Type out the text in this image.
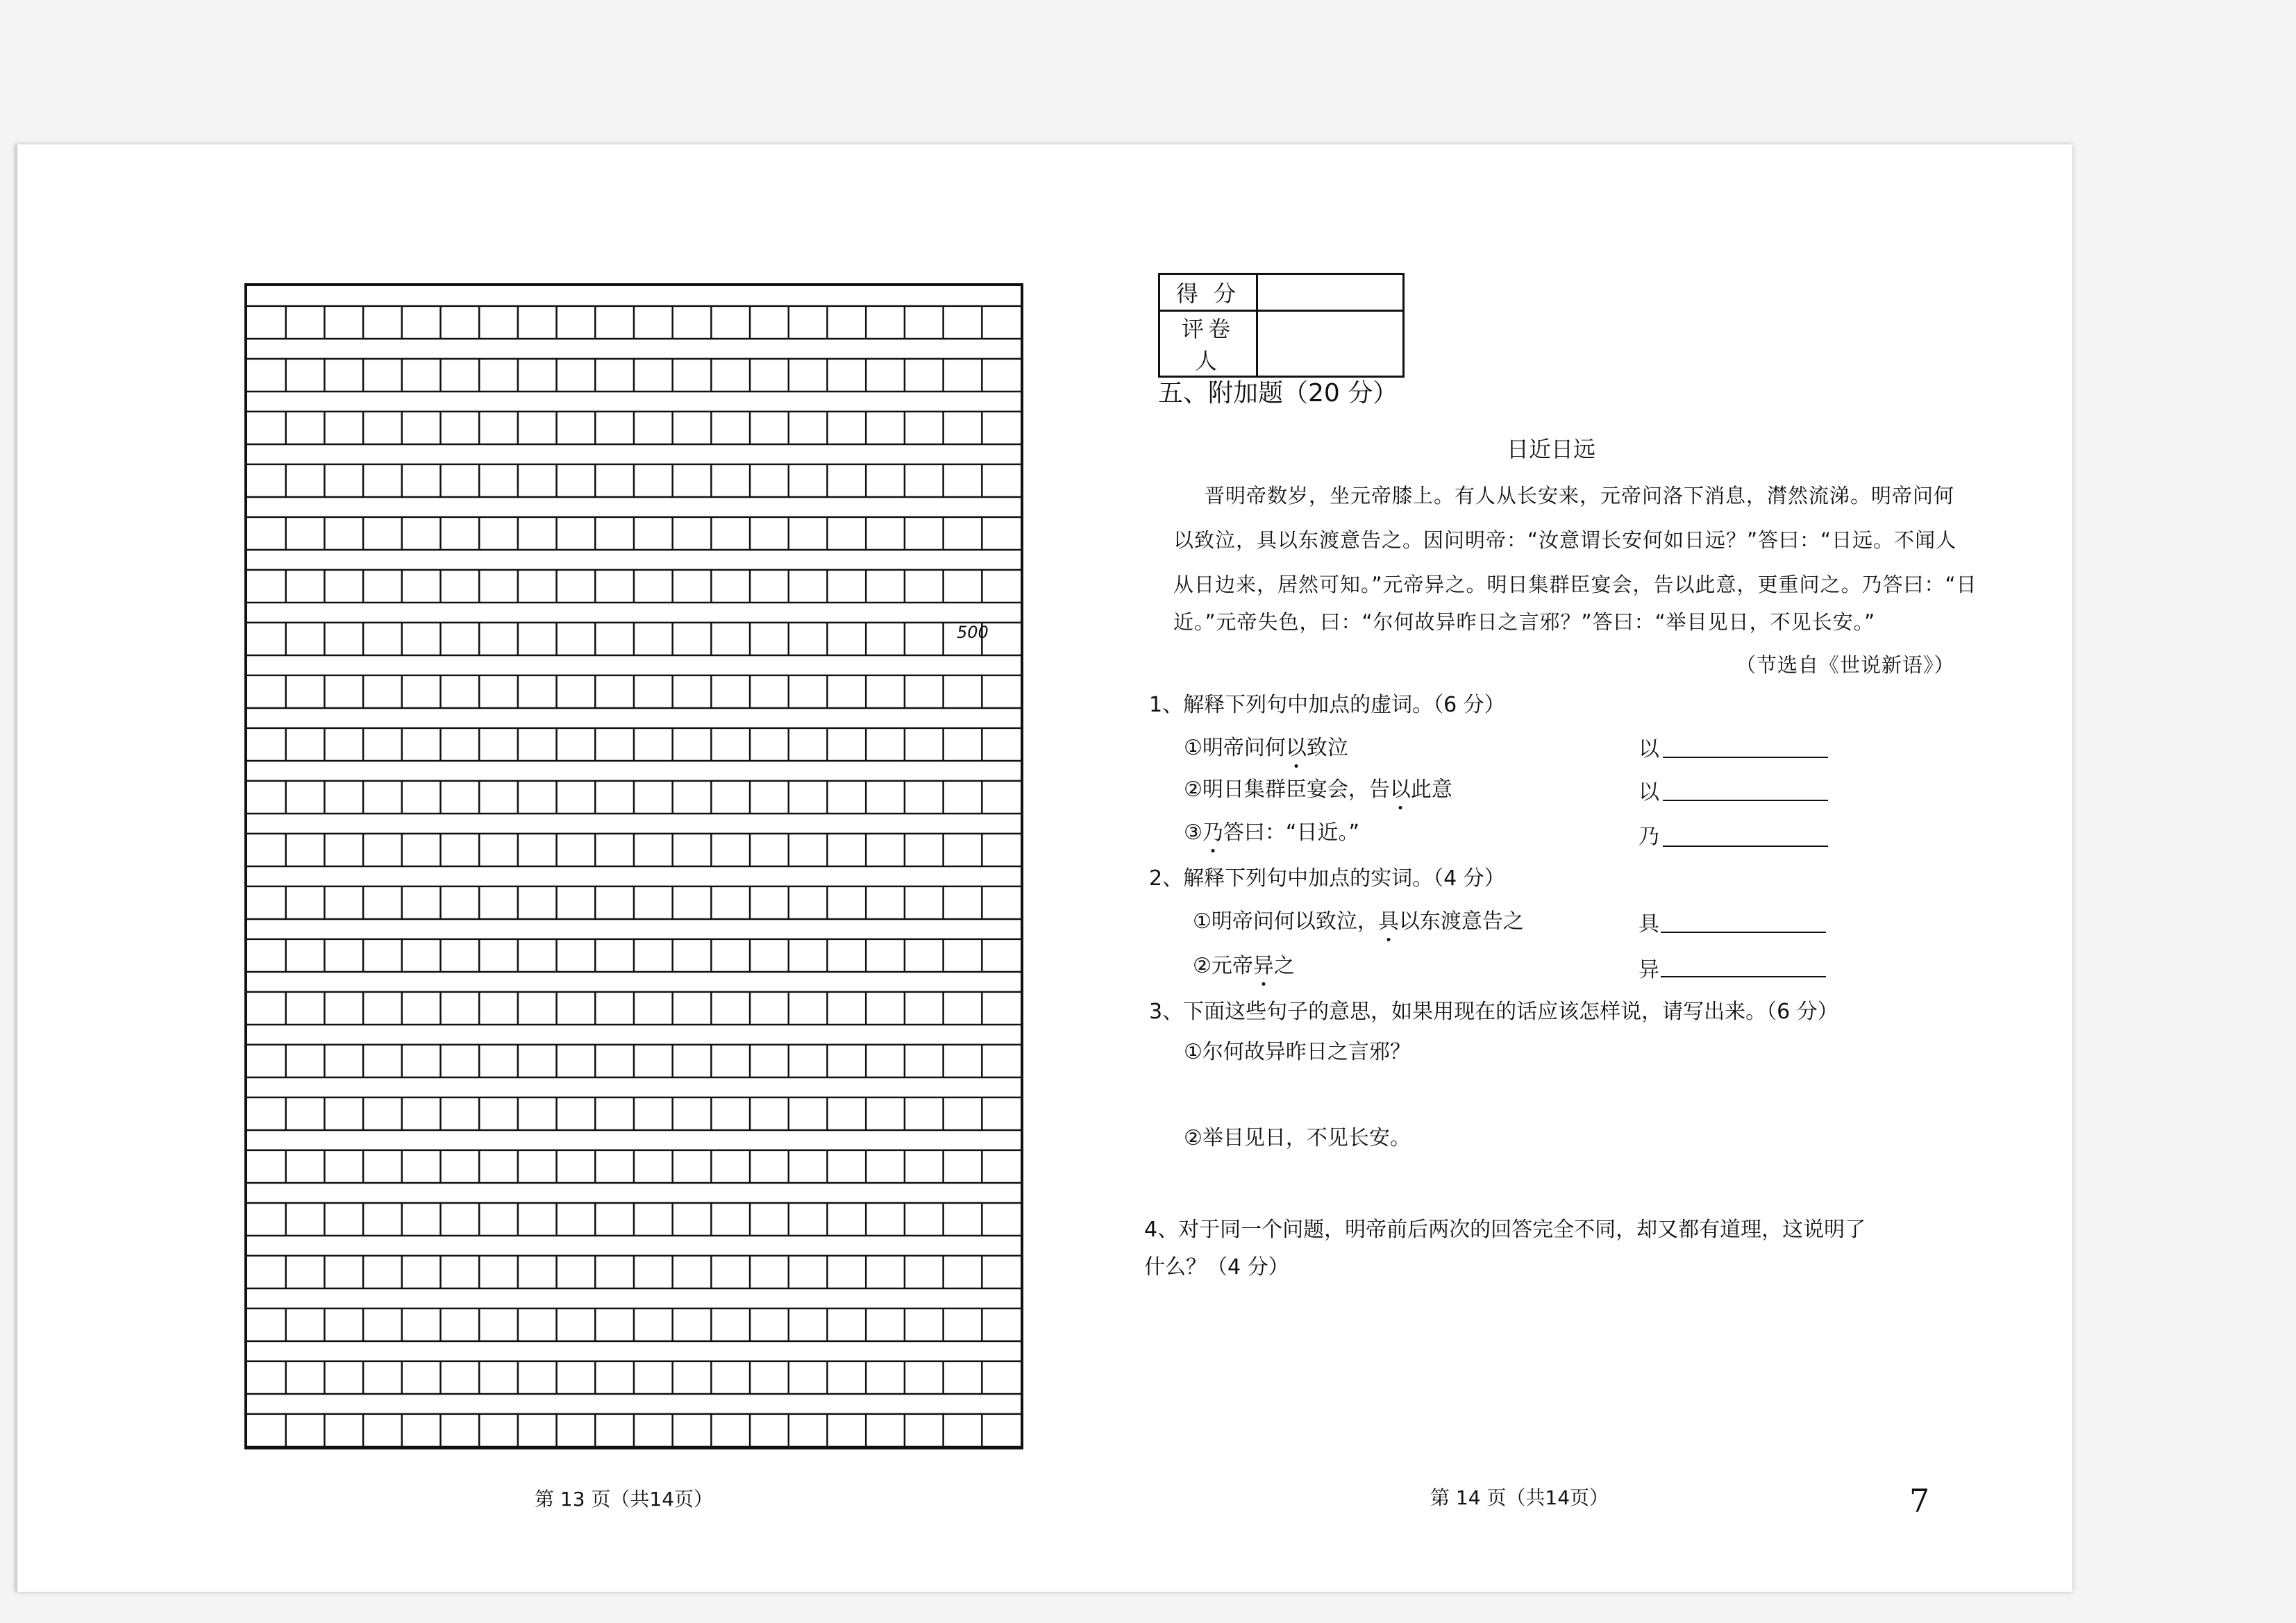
500
第 13 页（共14页）
得 分	
评卷人	
五、附加题（20 分）
日近日远
晋明帝数岁，坐元帝膝上。有人从长安来，元帝问洛下消息，潸然流涕。明帝问何
以致泣，具以东渡意告之。因问明帝：“汝意谓长安何如日远？”答曰：“日远。不闻人
从日边来，居然可知。”元帝异之。明日集群臣宴会，告以此意，更重问之。乃答曰：“日
近。”元帝失色，曰：“尔何故异昨日之言邪？”答曰：“举目见日，不见长安。”
（节选自《世说新语》）
1、解释下列句中加点的虚词。（6 分）
①明帝问何以致泣	以
②明日集群臣宴会，告以此意	以
③乃答曰：“日近。”	乃
2、解释下列句中加点的实词。（4 分）
①明帝问何以致泣，具以东渡意告之	具
②元帝异之	异
3、下面这些句子的意思，如果用现在的话应该怎样说，请写出来。（6 分）
①尔何故异昨日之言邪？
②举目见日，不见长安。
4、对于同一个问题，明帝前后两次的回答完全不同，却又都有道理，这说明了
什么？（4 分）
第 14 页（共14页）	7
